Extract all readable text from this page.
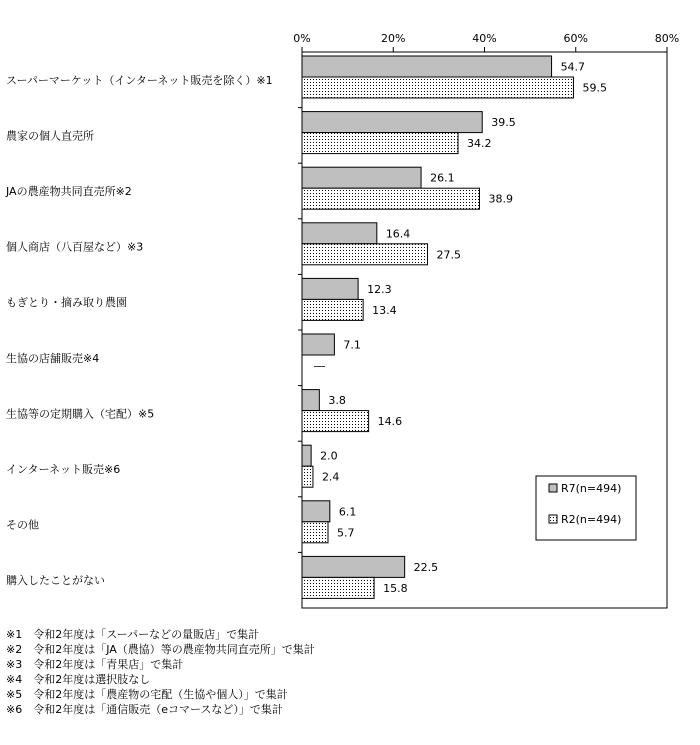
0%	20%	40%	60%	80%
スーパーマーケット（インターネット販売を除く）※1
農家の個人直売所
JAの農産物共同直売所※2
個人商店（八百屋など）※3
もぎとり・摘み取り農園
生協の店舗販売※4
生協等の定期購入（宅配）※5
インターネット販売※6
その他
購入したことがない
54.7
59.5
39.5
34.2
26.1
38.9
16.4
27.5
12.3
13.4
7.1
―
3.8
14.6
2.0
2.4
6.1
5.7
22.5
15.8
R7(n=494)
R2(n=494)
※1　令和2年度は「スーパーなどの量販店」で集計
※2　令和2年度は「JA（農協）等の農産物共同直売所」で集計
※3　令和2年度は「青果店」で集計
※4　令和2年度は選択肢なし
※5　令和2年度は「農産物の宅配（生協や個人）」で集計
※6　令和2年度は「通信販売（eコマースなど）」で集計
